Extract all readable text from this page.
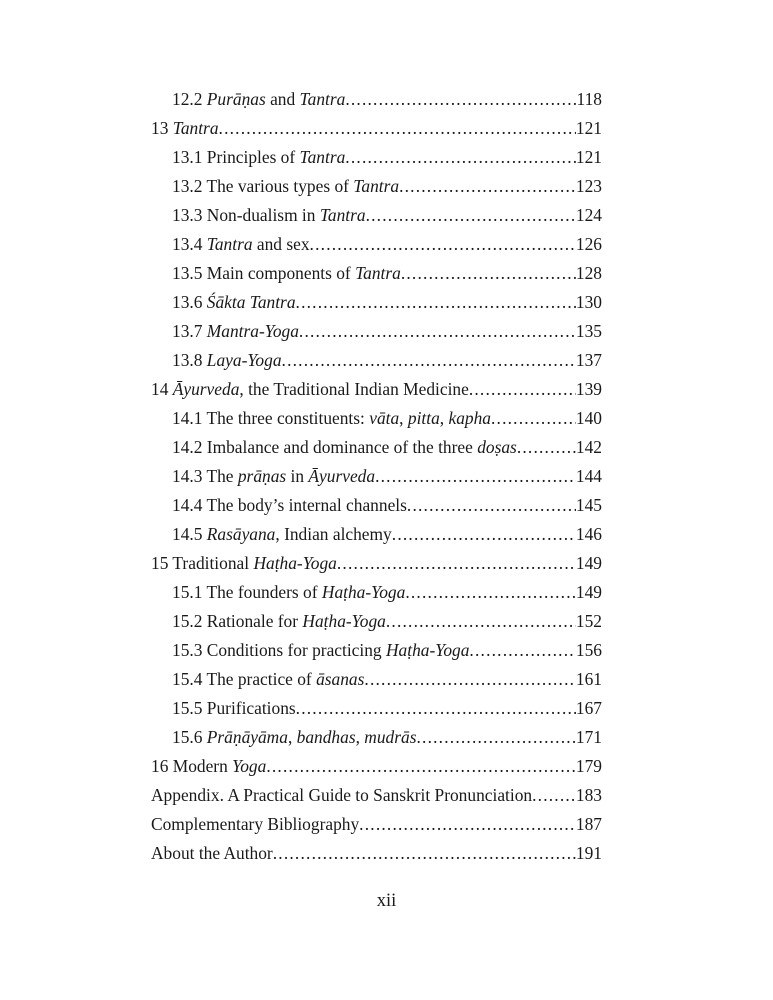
12.2 Purāṇas and Tantra .....	118
13 Tantra .....	121
13.1 Principles of Tantra .....	121
13.2 The various types of Tantra .....	123
13.3 Non-dualism in Tantra .....	124
13.4 Tantra and sex .....	126
13.5 Main components of Tantra .....	128
13.6 Śākta Tantra .....	130
13.7 Mantra-Yoga .....	135
13.8 Laya-Yoga .....	137
14 Āyurveda, the Traditional Indian Medicine .....	139
14.1 The three constituents: vāta, pitta, kapha .....	140
14.2 Imbalance and dominance of the three doṣas .....	142
14.3 The prāṇas in Āyurveda .....	144
14.4 The body’s internal channels .....	145
14.5 Rasāyana, Indian alchemy .....	146
15 Traditional Haṭha-Yoga .....	149
15.1 The founders of Haṭha-Yoga .....	149
15.2 Rationale for Haṭha-Yoga .....	152
15.3 Conditions for practicing Haṭha-Yoga .....	156
15.4 The practice of āsanas .....	161
15.5 Purifications .....	167
15.6 Prāṇāyāma, bandhas, mudrās .....	171
16 Modern Yoga .....	179
Appendix. A Practical Guide to Sanskrit Pronunciation .....	183
Complementary Bibliography .....	187
About the Author .....	191
xii
